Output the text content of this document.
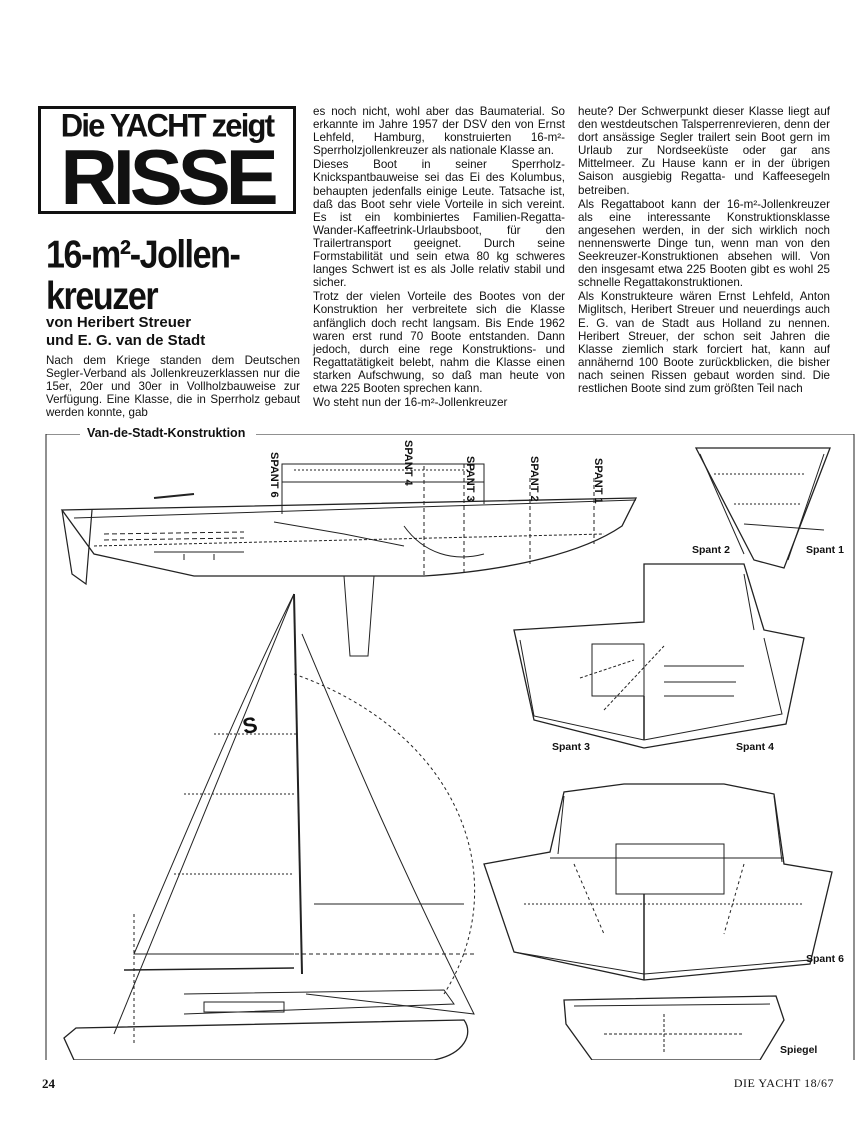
Die YACHT zeigt
RISSE
16-m²-Jollen-
kreuzer
von Heribert Streuer
und E. G. van de Stadt

Nach dem Kriege standen dem Deutschen Segler-Verband als Jollenkreuzerklassen nur die 15er, 20er und 30er in Vollholzbauweise zur Verfügung. Eine Klasse, die in Sperrholz gebaut werden konnte, gab

es noch nicht, wohl aber das Baumaterial. So erkannte im Jahre 1957 der DSV den von Ernst Lehfeld, Hamburg, konstruierten 16-m²-Sperrholzjollenkreuzer als nationale Klasse an.

Dieses Boot in seiner Sperrholz-Knickspantbauweise sei das Ei des Kolumbus, behaupten jedenfalls einige Leute. Tatsache ist, daß das Boot sehr viele Vorteile in sich vereint. Es ist ein kombiniertes Familien-Regatta-Wander-Kaffeetrink-Urlaubsboot, für den Trailertransport geeignet. Durch seine Formstabilität und sein etwa 80 kg schweres langes Schwert ist es als Jolle relativ stabil und sicher.

Trotz der vielen Vorteile des Bootes von der Konstruktion her verbreitete sich die Klasse anfänglich doch recht langsam. Bis Ende 1962 waren erst rund 70 Boote entstanden. Dann jedoch, durch eine rege Konstruktions- und Regattatätigkeit belebt, nahm die Klasse einen starken Aufschwung, so daß man heute von etwa 225 Booten sprechen kann.

Wo steht nun der 16-m²-Jollenkreuzer

heute? Der Schwerpunkt dieser Klasse liegt auf den westdeutschen Talsperrenrevieren, denn der dort ansässige Segler trailert sein Boot gern im Urlaub zur Nordseeküste oder gar ans Mittelmeer. Zu Hause kann er in der übrigen Saison ausgiebig Regatta- und Kaffeesegeln betreiben.

Als Regattaboot kann der 16-m²-Jollenkreuzer als eine interessante Konstruktionsklasse angesehen werden, in der sich wirklich noch nennenswerte Dinge tun, wenn man von den Seekreuzer-Konstruktionen absehen will. Von den insgesamt etwa 225 Booten gibt es wohl 25 schnelle Regattakonstruktionen.

Als Konstrukteure wären Ernst Lehfeld, Anton Miglitsch, Heribert Streuer und neuerdings auch E. G. van de Stadt aus Holland zu nennen. Heribert Streuer, der schon seit Jahren die Klasse ziemlich stark forciert hat, kann auf annähernd 100 Boote zurückblicken, die bisher nach seinen Rissen gebaut worden sind. Die restlichen Boote sind zum größten Teil nach

S
Van-de-Stadt-Konstruktion
SPANT 6	SPANT 4	SPANT 3	SPANT 2	SPANT 1
Spant 2	Spant 1
Spant 3	Spant 4
Spant 6
Spiegel
24	DIE YACHT 18/67
